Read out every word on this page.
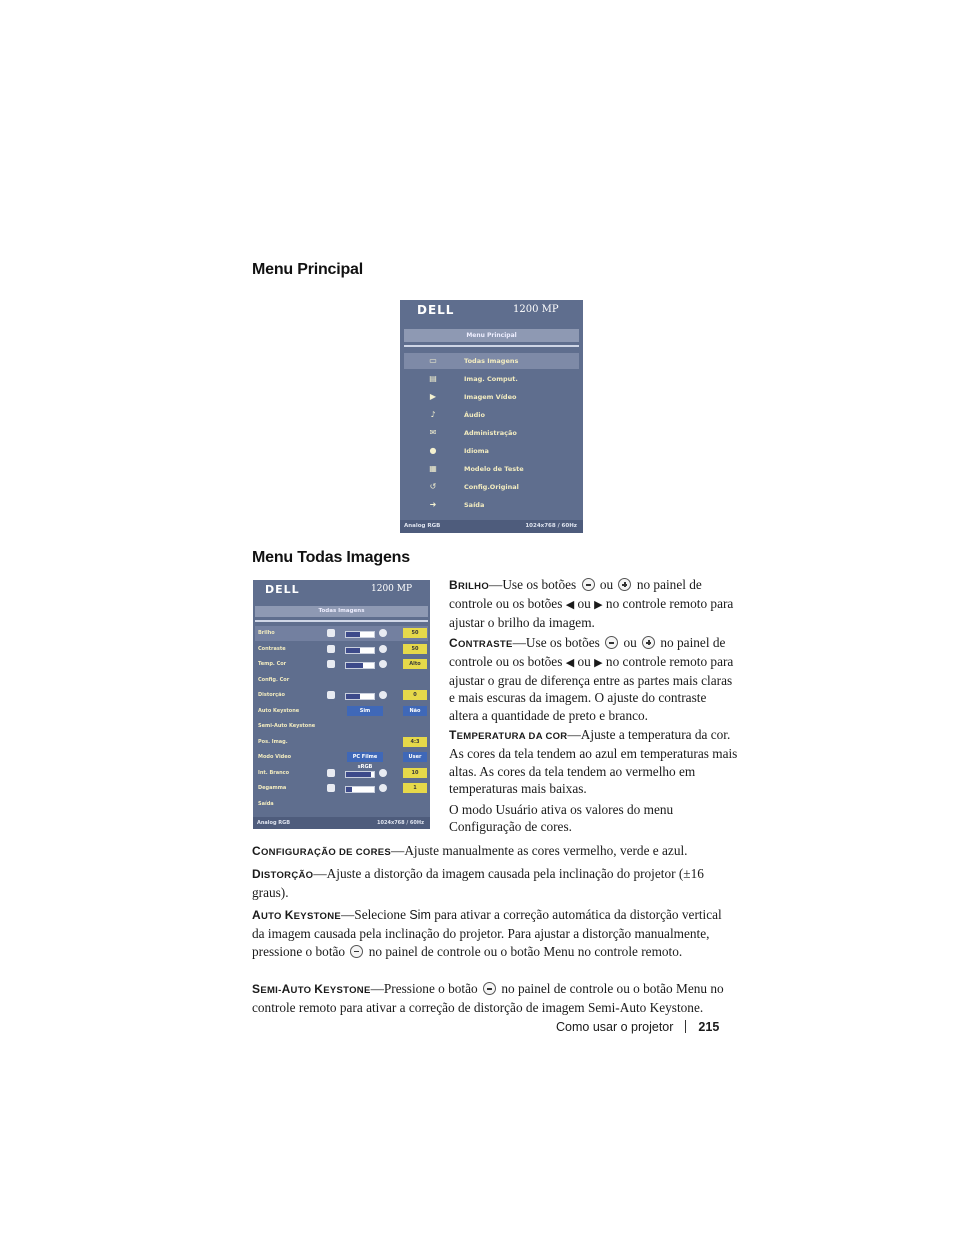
Menu Principal
Menu Todas Imagens
DELL	1200 MP
Menu Principal
▭	Todas Imagens
▤	Imag. Comput.
▶	Imagem Vídeo
♪	Áudio
✉	Administração
●	Idioma
▦	Modelo de Teste
↺	Config.Original
➜	Saída
Analog RGB	1024x768 / 60Hz
DELL	1200 MP
Todas Imagens
Brilho	50
Contraste	50
Temp. Cor	Alto
Config. Cor
Distorção	0
Auto Keystone	Sim	Não
Semi-Auto Keystone
Pos. Imag.	4:3
Modo Video	PC Filme sRGB
User
Int. Branco	10
Degamma	1
Saída
Analog RGB	1024x768 / 60Hz
BRILHO—Use os botões ou no painel de controle ou os botões ◀ ou ▶ no controle remoto para ajustar o brilho da imagem.
CONTRASTE—Use os botões ou no painel de controle ou os botões ◀ ou ▶ no controle remoto para ajustar o grau de diferença entre as partes mais claras e mais escuras da imagem. O ajuste do contraste altera a quantidade de preto e branco.
TEMPERATURA DA COR—Ajuste a temperatura da cor. As cores da tela tendem ao azul em temperaturas mais altas. As cores da tela tendem ao vermelho em temperaturas mais baixas.
O modo Usuário ativa os valores do menu Configuração de cores.
CONFIGURAÇÃO DE CORES—Ajuste manualmente as cores vermelho, verde e azul.
DISTORÇÃO—Ajuste a distorção da imagem causada pela inclinação do projetor (±16 graus).
AUTO KEYSTONE—Selecione Sim para ativar a correção automática da distorção vertical da imagem causada pela inclinação do projetor. Para ajustar a distorção manualmente, pressione o botão no painel de controle ou o botão Menu no controle remoto.
SEMI-AUTO KEYSTONE—Pressione o botão no painel de controle ou o botão Menu no controle remoto para ativar a correção de distorção de imagem Semi-Auto Keystone.
Como usar o projetor 215
